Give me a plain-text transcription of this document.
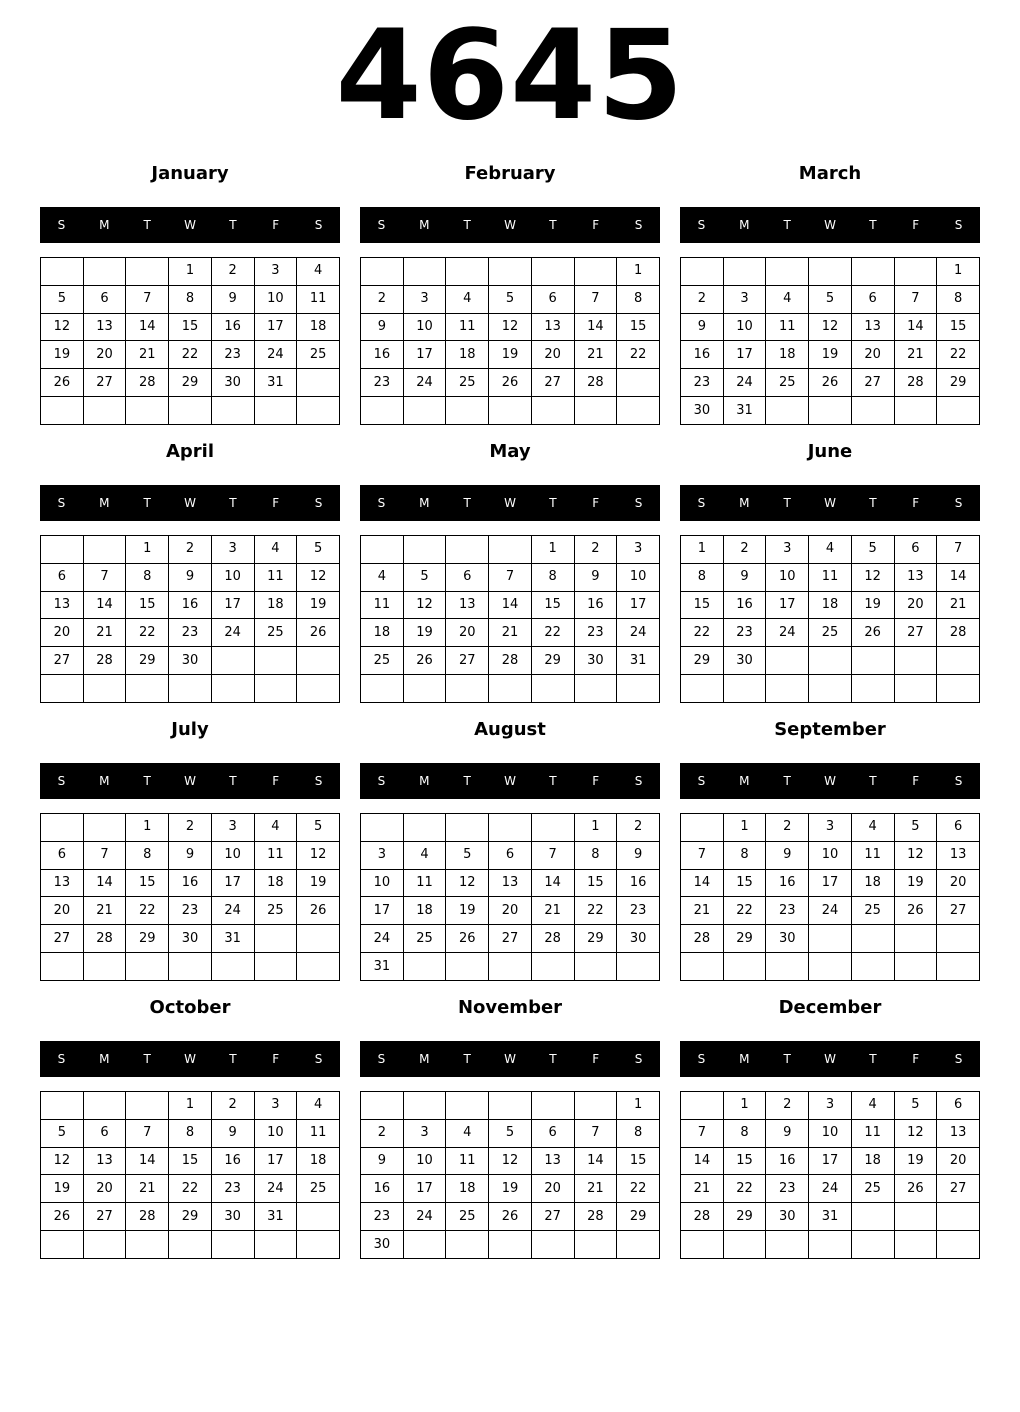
4645
January
S	M	T	W	T	F	S
			1	2	3	4
5	6	7	8	9	10	11
12	13	14	15	16	17	18
19	20	21	22	23	24	25
26	27	28	29	30	31	

February
S	M	T	W	T	F	S
						1
2	3	4	5	6	7	8
9	10	11	12	13	14	15
16	17	18	19	20	21	22
23	24	25	26	27	28	

March
S	M	T	W	T	F	S
						1
2	3	4	5	6	7	8
9	10	11	12	13	14	15
16	17	18	19	20	21	22
23	24	25	26	27	28	29
30	31					
April
S	M	T	W	T	F	S
		1	2	3	4	5
6	7	8	9	10	11	12
13	14	15	16	17	18	19
20	21	22	23	24	25	26
27	28	29	30			

May
S	M	T	W	T	F	S
				1	2	3
4	5	6	7	8	9	10
11	12	13	14	15	16	17
18	19	20	21	22	23	24
25	26	27	28	29	30	31

June
S	M	T	W	T	F	S
1	2	3	4	5	6	7
8	9	10	11	12	13	14
15	16	17	18	19	20	21
22	23	24	25	26	27	28
29	30					

July
S	M	T	W	T	F	S
		1	2	3	4	5
6	7	8	9	10	11	12
13	14	15	16	17	18	19
20	21	22	23	24	25	26
27	28	29	30	31		

August
S	M	T	W	T	F	S
					1	2
3	4	5	6	7	8	9
10	11	12	13	14	15	16
17	18	19	20	21	22	23
24	25	26	27	28	29	30
31						
September
S	M	T	W	T	F	S
	1	2	3	4	5	6
7	8	9	10	11	12	13
14	15	16	17	18	19	20
21	22	23	24	25	26	27
28	29	30				

October
S	M	T	W	T	F	S
			1	2	3	4
5	6	7	8	9	10	11
12	13	14	15	16	17	18
19	20	21	22	23	24	25
26	27	28	29	30	31	

November
S	M	T	W	T	F	S
						1
2	3	4	5	6	7	8
9	10	11	12	13	14	15
16	17	18	19	20	21	22
23	24	25	26	27	28	29
30						
December
S	M	T	W	T	F	S
	1	2	3	4	5	6
7	8	9	10	11	12	13
14	15	16	17	18	19	20
21	22	23	24	25	26	27
28	29	30	31			
